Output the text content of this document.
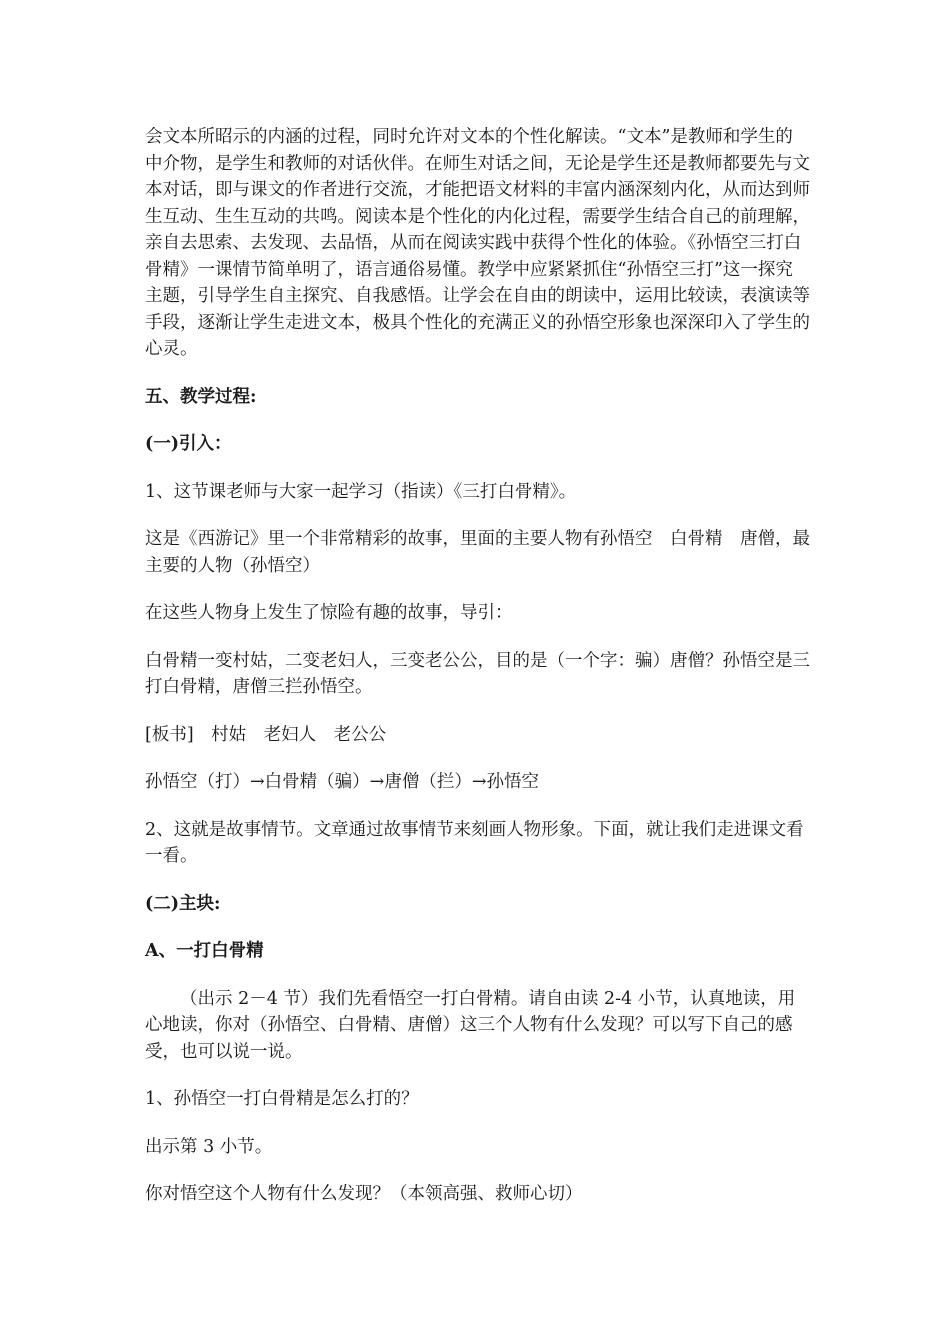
会文本所昭示的内涵的过程，同时允许对文本的个性化解读。“文本”是教师和学生的中介物，是学生和教师的对话伙伴。在师生对话之间，无论是学生还是教师都要先与文本对话，即与课文的作者进行交流，才能把语文材料的丰富内涵深刻内化，从而达到师生互动、生生互动的共鸣。阅读本是个性化的内化过程，需要学生结合自己的前理解，亲自去思索、去发现、去品悟，从而在阅读实践中获得个性化的体验。《孙悟空三打白骨精》一课情节简单明了，语言通俗易懂。教学中应紧紧抓住“孙悟空三打”这一探究主题，引导学生自主探究、自我感悟。让学会在自由的朗读中，运用比较读，表演读等手段，逐渐让学生走进文本，极具个性化的充满正义的孙悟空形象也深深印入了学生的心灵。

五、教学过程:

(一)引入：

1、这节课老师与大家一起学习（指读）《三打白骨精》。

这是《西游记》里一个非常精彩的故事，里面的主要人物有孙悟空　白骨精　唐僧，最主要的人物（孙悟空）

在这些人物身上发生了惊险有趣的故事，导引：

白骨精一变村姑，二变老妇人，三变老公公，目的是（一个字：骗）唐僧？孙悟空是三打白骨精，唐僧三拦孙悟空。

[板书]　村姑　老妇人　老公公

孙悟空（打）→白骨精（骗）→唐僧（拦）→孙悟空

2、这就是故事情节。文章通过故事情节来刻画人物形象。下面，就让我们走进课文看一看。

(二)主块:

A、一打白骨精

（出示 2－4 节）我们先看悟空一打白骨精。请自由读 2-4 小节，认真地读，用心地读，你对（孙悟空、白骨精、唐僧）这三个人物有什么发现？可以写下自己的感受，也可以说一说。

1、孙悟空一打白骨精是怎么打的？

出示第 3 小节。

你对悟空这个人物有什么发现？（本领高强、救师心切）
